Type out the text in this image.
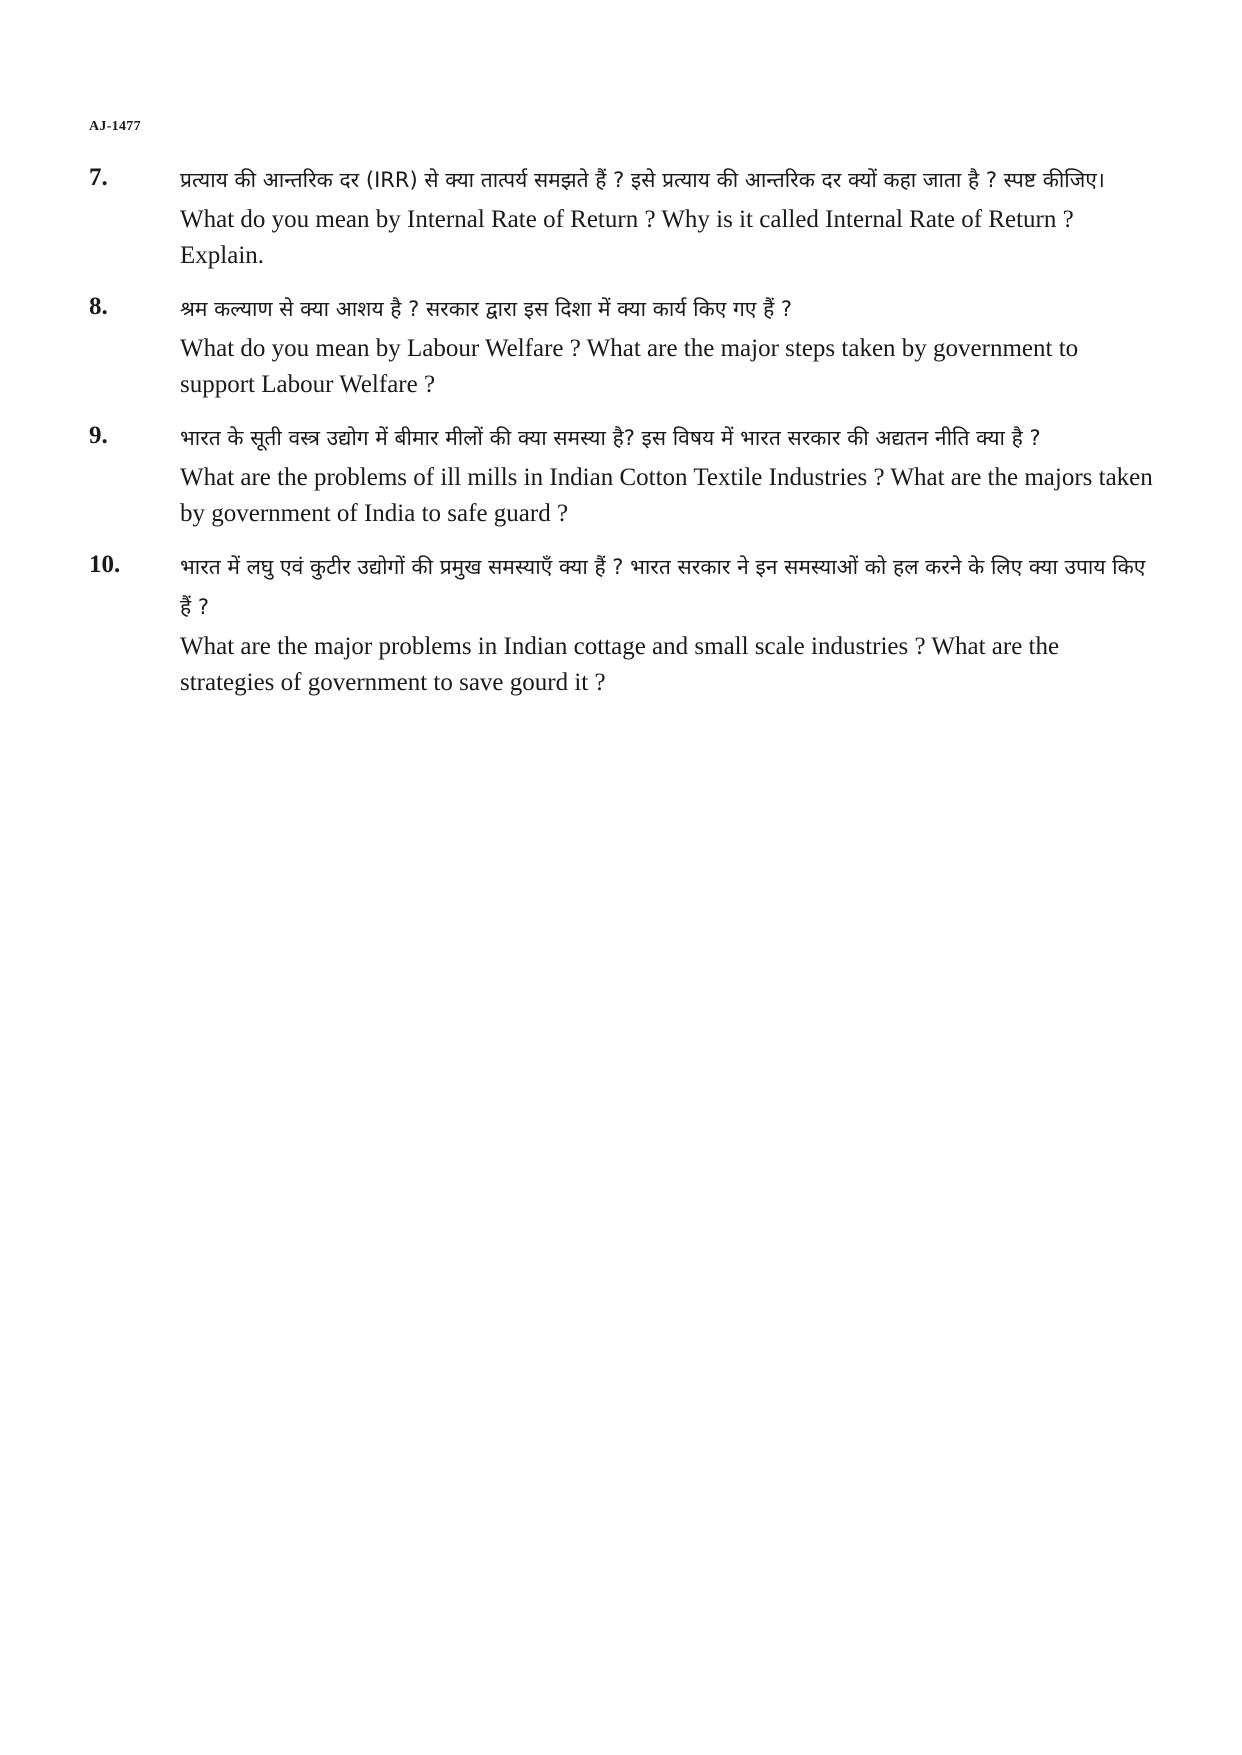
AJ-1477
7.	प्रत्याय की आन्तरिक दर (IRR) से क्या तात्पर्य समझते हैं ? इसे प्रत्याय की आन्तरिक दर क्यों कहा जाता है ? स्पष्ट कीजिए।
What do you mean by Internal Rate of Return ? Why is it called Internal Rate of Return ? Explain.
8.	श्रम कल्याण से क्या आशय है ? सरकार द्वारा इस दिशा में क्या कार्य किए गए हैं ?
What do you mean by Labour Welfare ? What are the major steps taken by government to support Labour Welfare ?
9.	भारत के सूती वस्त्र उद्योग में बीमार मीलों की क्या समस्या है? इस विषय में भारत सरकार की अद्यतन नीति क्या है ?
What are the problems of ill mills in Indian Cotton Textile Industries ? What are the majors taken by government of India to safe guard ?
10.	भारत में लघु एवं कुटीर उद्योगों की प्रमुख समस्याएँ क्या हैं ? भारत सरकार ने इन समस्याओं को हल करने के लिए क्या उपाय किए हैं ?
What are the major problems in Indian cottage and small scale industries ? What are the strategies of government to save gourd it ?
